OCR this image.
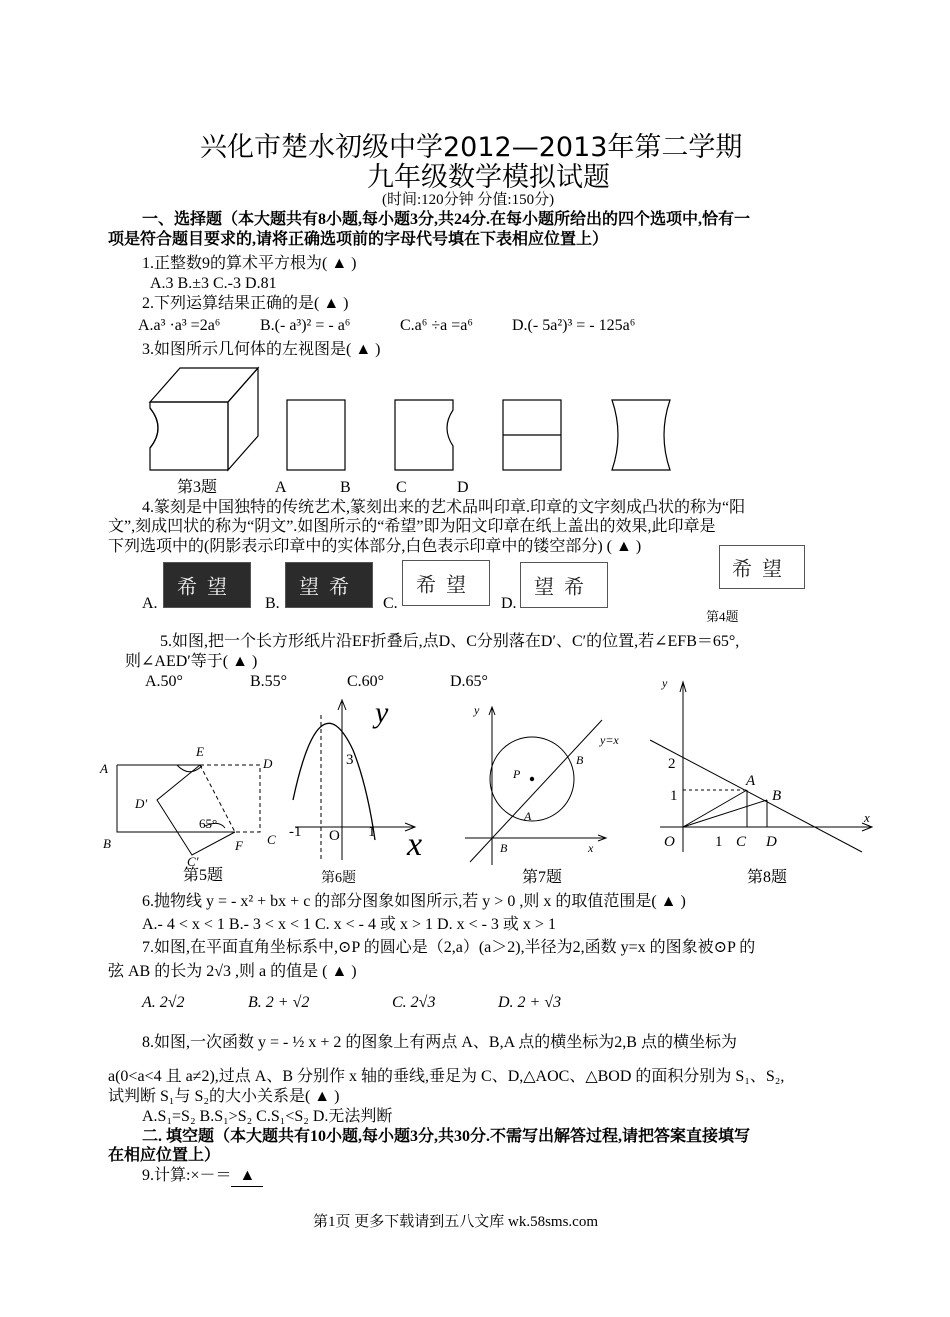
兴化市楚水初级中学2012—2013年第二学期
九年级数学模拟试题
(时间:120分钟 分值:150分)
一、选择题（本大题共有8小题,每小题3分,共24分.在每小题所给出的四个选项中,恰有一
项是符合题目要求的,请将正确选项前的字母代号填在下表相应位置上）
1.正整数9的算术平方根为( ▲ )
A.3 B.±3 C.-3 D.81
2.下列运算结果正确的是( ▲ )
A.a³ ·a³ =2a⁶ B.(- a³)² = - a⁶	C.a⁶ ÷a =a⁶ D.(- 5a²)³ = - 125a⁶
3.如图所示几何体的左视图是( ▲ )
第3题	A	B	C	D
4.篆刻是中国独特的传统艺术,篆刻出来的艺术品叫印章.印章的文字刻成凸状的称为“阳
文”,刻成凹状的称为“阴文”.如图所示的“希望”即为阳文印章在纸上盖出的效果,此印章是
下列选项中的(阴影表示印章中的实体部分,白色表示印章中的镂空部分) ( ▲ )
A.
希望
B.
望希
C.
希望
D.
望希
希望
第4题
5.如图,把一个长方形纸片沿EF折叠后,点D、C分别落在D′、C′的位置,若∠EFB＝65°,
则∠AED′等于( ▲ )
A.50°	B.55°	C.60°	D.65°
A
E
D
D′
65°
B	F C
C′
第5题
y
3
-1 O 1 x
第6题
y
y=x
P
B
A
B	x
第7题
y
2
1
A
B
x
O	1 C D
第8题
6.抛物线 y = - x² + bx + c 的部分图象如图所示,若 y > 0 ,则 x 的取值范围是( ▲ )
A.- 4 < x < 1 B.- 3 < x < 1 C. x < - 4 或 x > 1 D. x < - 3 或 x > 1
7.如图,在平面直角坐标系中,⊙P 的圆心是（2,a）(a＞2),半径为2,函数 y=x 的图象被⊙P 的
弦 AB 的长为 2√3 ,则 a 的值是 ( ▲ )
A. 2√2	B. 2 + √2	C. 2√3	D. 2 + √3
8.如图,一次函数 y = - ½ x + 2 的图象上有两点 A、B,A 点的横坐标为2,B 点的横坐标为
a(0<a<4 且 a≠2),过点 A、B 分别作 x 轴的垂线,垂足为 C、D,△AOC、△BOD 的面积分别为 S₁、S₂,
试判断 S₁与 S₂的大小关系是( ▲ )
A.S₁=S₂ B.S₁>S₂ C.S₁<S₂ D.无法判断
二. 填空题（本大题共有10小题,每小题3分,共30分.不需写出解答过程,请把答案直接填写
在相应位置上）
9.计算:×－＝ ▲
第1页 更多下载请到五八文库 wk.58sms.com
